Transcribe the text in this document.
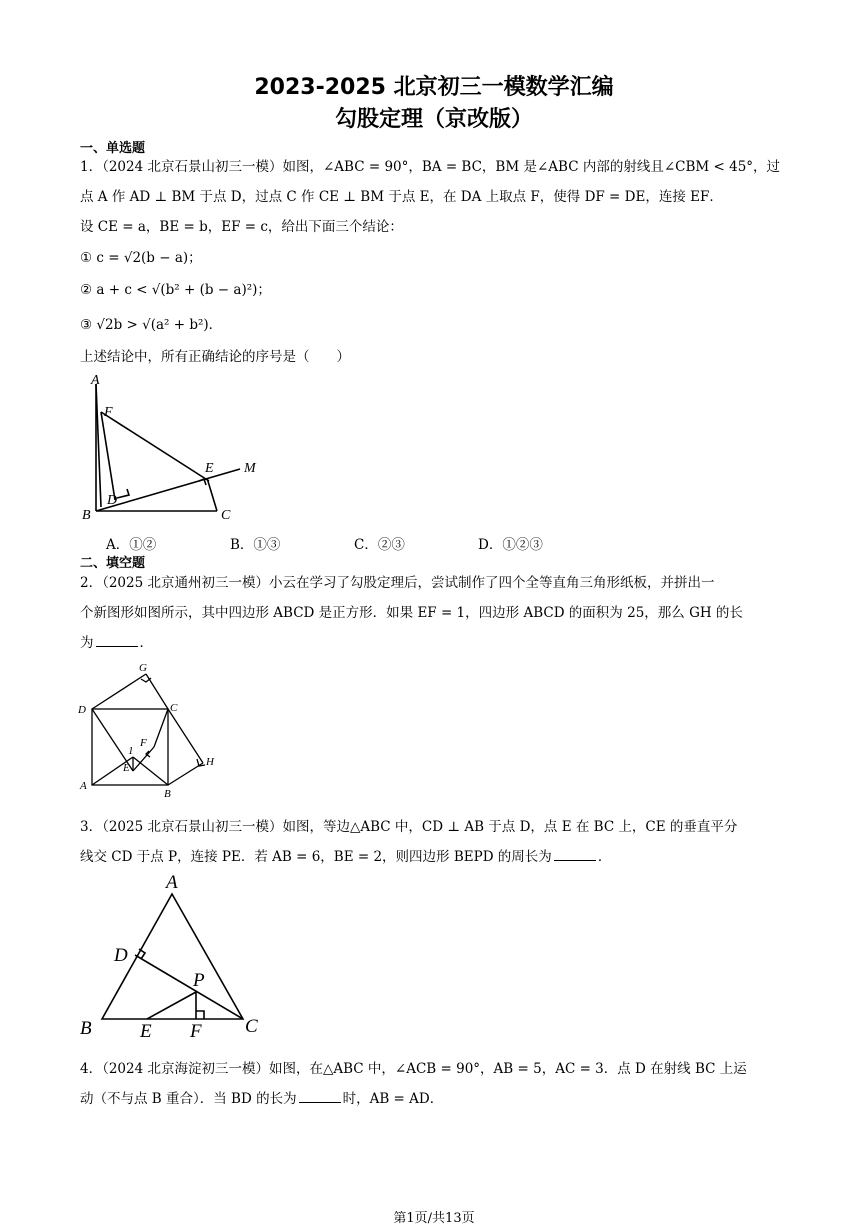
2023-2025 北京初三一模数学汇编
勾股定理（京改版）
一、单选题
1．（2024 北京石景山初三一模）如图，∠ABC = 90°，BA = BC，BM 是∠ABC 内部的射线且∠CBM < 45°，过
点 A 作 AD ⊥ BM 于点 D，过点 C 作 CE ⊥ BM 于点 E，在 DA 上取点 F，使得 DF = DE，连接 EF．
设 CE = a，BE = b，EF = c，给出下面三个结论：
① c = √2(b − a)；
② a + c < √(b² + (b − a)²)；
③ √2b > √(a² + b²)．
上述结论中，所有正确结论的序号是（　　）
A
F
E M
D
B	C
A．①②	B．①③	C．②③	D．①②③
二、填空题
2．（2025 北京通州初三一模）小云在学习了勾股定理后，尝试制作了四个全等直角三角形纸板，并拼出一
个新图形如图所示，其中四边形 ABCD 是正方形．如果 EF = 1，四边形 ABCD 的面积为 25，那么 GH 的长
为	．
G
D	C
F
1
E	H
A
B
3．（2025 北京石景山初三一模）如图，等边△ABC 中，CD ⊥ AB 于点 D，点 E 在 BC 上，CE 的垂直平分
线交 CD 于点 P，连接 PE．若 AB = 6，BE = 2，则四边形 BEPD 的周长为	．
A
D
P
B	E F C
4．（2024 北京海淀初三一模）如图，在△ABC 中，∠ACB = 90°，AB = 5，AC = 3．点 D 在射线 BC 上运
动（不与点 B 重合）．当 BD 的长为	时，AB = AD．
第1页/共13页
